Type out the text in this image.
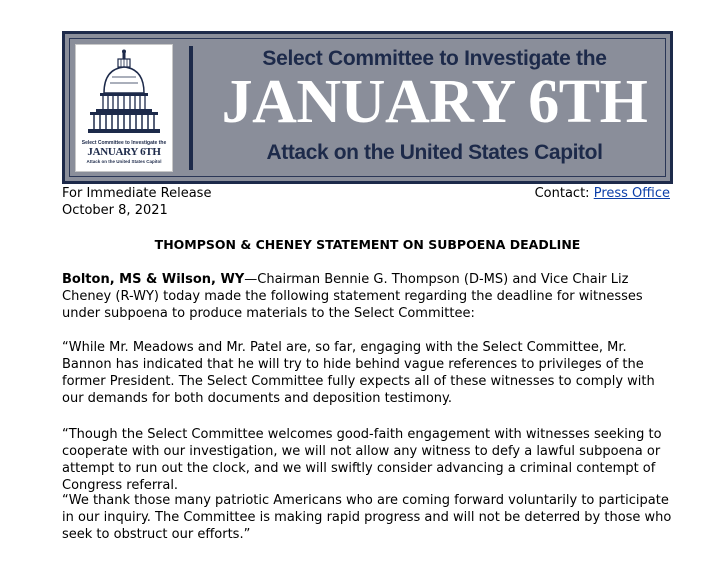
Select Committee to Investigate the
JANUARY 6TH
Attack on the United States Capitol
Select Committee to Investigate the
JANUARY 6TH
Attack on the United States Capitol
For Immediate Release
October 8, 2021
Contact: Press Office
THOMPSON & CHENEY STATEMENT ON SUBPOENA DEADLINE
Bolton, MS & Wilson, WY—Chairman Bennie G. Thompson (D-MS) and Vice Chair Liz Cheney (R-WY) today made the following statement regarding the deadline for witnesses under subpoena to produce materials to the Select Committee:
“While Mr. Meadows and Mr. Patel are, so far, engaging with the Select Committee, Mr. Bannon has indicated that he will try to hide behind vague references to privileges of the former President. The Select Committee fully expects all of these witnesses to comply with our demands for both documents and deposition testimony.
“Though the Select Committee welcomes good-faith engagement with witnesses seeking to cooperate with our investigation, we will not allow any witness to defy a lawful subpoena or attempt to run out the clock, and we will swiftly consider advancing a criminal contempt of Congress referral.
“We thank those many patriotic Americans who are coming forward voluntarily to participate in our inquiry. The Committee is making rapid progress and will not be deterred by those who seek to obstruct our efforts.”
